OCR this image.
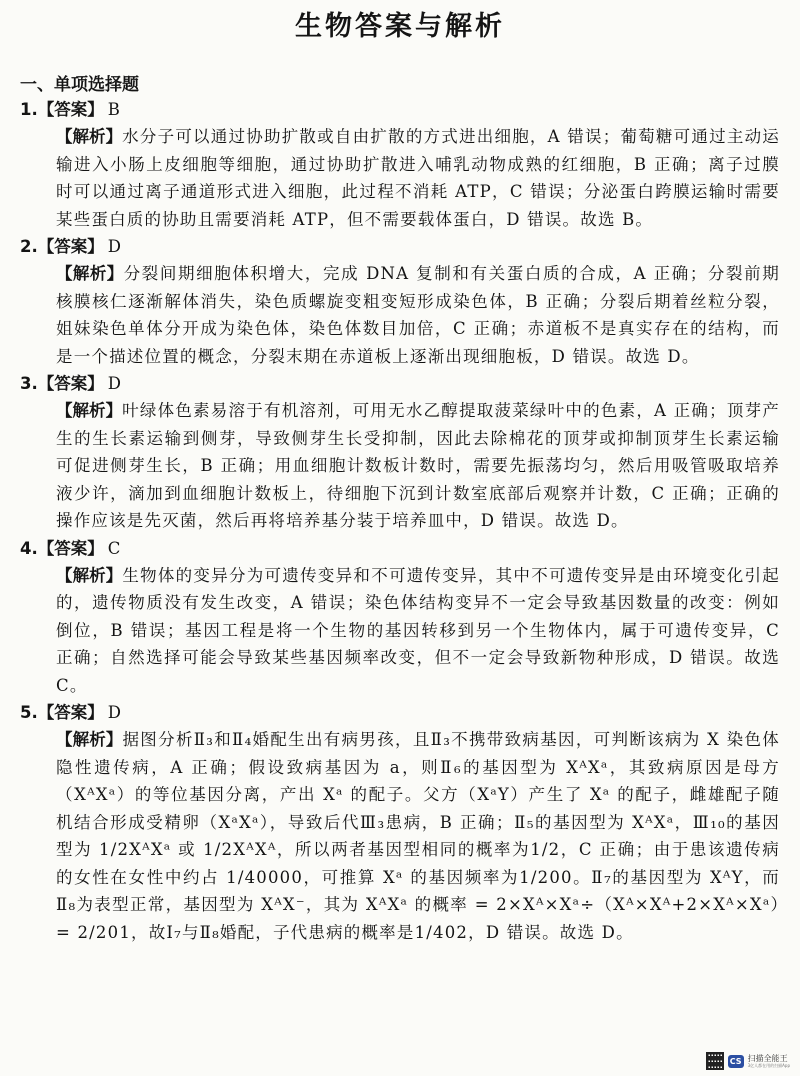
生物答案与解析
一、单项选择题
1.【答案】 B
【解析】水分子可以通过协助扩散或自由扩散的方式进出细胞，A 错误；葡萄糖可通过主动运输进入小肠上皮细胞等细胞，通过协助扩散进入哺乳动物成熟的红细胞，B 正确；离子过膜时可以通过离子通道形式进入细胞，此过程不消耗 ATP，C 错误；分泌蛋白跨膜运输时需要某些蛋白质的协助且需要消耗 ATP，但不需要载体蛋白，D 错误。故选 B。
2.【答案】 D
【解析】分裂间期细胞体积增大，完成 DNA 复制和有关蛋白质的合成，A 正确；分裂前期核膜核仁逐渐解体消失，染色质螺旋变粗变短形成染色体，B 正确；分裂后期着丝粒分裂，姐妹染色单体分开成为染色体，染色体数目加倍，C 正确；赤道板不是真实存在的结构，而是一个描述位置的概念，分裂末期在赤道板上逐渐出现细胞板，D 错误。故选 D。
3.【答案】 D
【解析】叶绿体色素易溶于有机溶剂，可用无水乙醇提取菠菜绿叶中的色素，A 正确；顶芽产生的生长素运输到侧芽，导致侧芽生长受抑制，因此去除棉花的顶芽或抑制顶芽生长素运输可促进侧芽生长，B 正确；用血细胞计数板计数时，需要先振荡均匀，然后用吸管吸取培养液少许，滴加到血细胞计数板上，待细胞下沉到计数室底部后观察并计数，C 正确；正确的操作应该是先灭菌，然后再将培养基分装于培养皿中，D 错误。故选 D。
4.【答案】 C
【解析】生物体的变异分为可遗传变异和不可遗传变异，其中不可遗传变异是由环境变化引起的，遗传物质没有发生改变，A 错误；染色体结构变异不一定会导致基因数量的改变：例如倒位，B 错误；基因工程是将一个生物的基因转移到另一个生物体内，属于可遗传变异，C 正确；自然选择可能会导致某些基因频率改变，但不一定会导致新物种形成，D 错误。故选 C。
5.【答案】 D
【解析】据图分析Ⅱ₃和Ⅱ₄婚配生出有病男孩，且Ⅱ₃不携带致病基因，可判断该病为 X 染色体隐性遗传病，A 正确；假设致病基因为 a，则Ⅱ₆的基因型为 XᴬXᵃ，其致病原因是母方（XᴬXᵃ）的等位基因分离，产出 Xᵃ 的配子。父方（XᵃY）产生了 Xᵃ 的配子，雌雄配子随机结合形成受精卵（XᵃXᵃ），导致后代Ⅲ₃患病，B 正确；Ⅱ₅的基因型为 XᴬXᵃ，Ⅲ₁₀的基因型为 1/2XᴬXᵃ 或 1/2XᴬXᴬ，所以两者基因型相同的概率为1/2，C 正确；由于患该遗传病的女性在女性中约占 1/40000，可推算 Xᵃ 的基因频率为1/200。Ⅱ₇的基因型为 XᴬY，而Ⅱ₈为表型正常，基因型为 XᴬX⁻，其为 XᴬXᵃ 的概率 = 2×Xᴬ×Xᵃ÷（Xᴬ×Xᴬ+2×Xᴬ×Xᵃ）= 2/201，故Ⅰ₇与Ⅱ₈婚配，子代患病的概率是1/402，D 错误。故选 D。
CS 扫描全能王
3亿人都在用的扫描App
